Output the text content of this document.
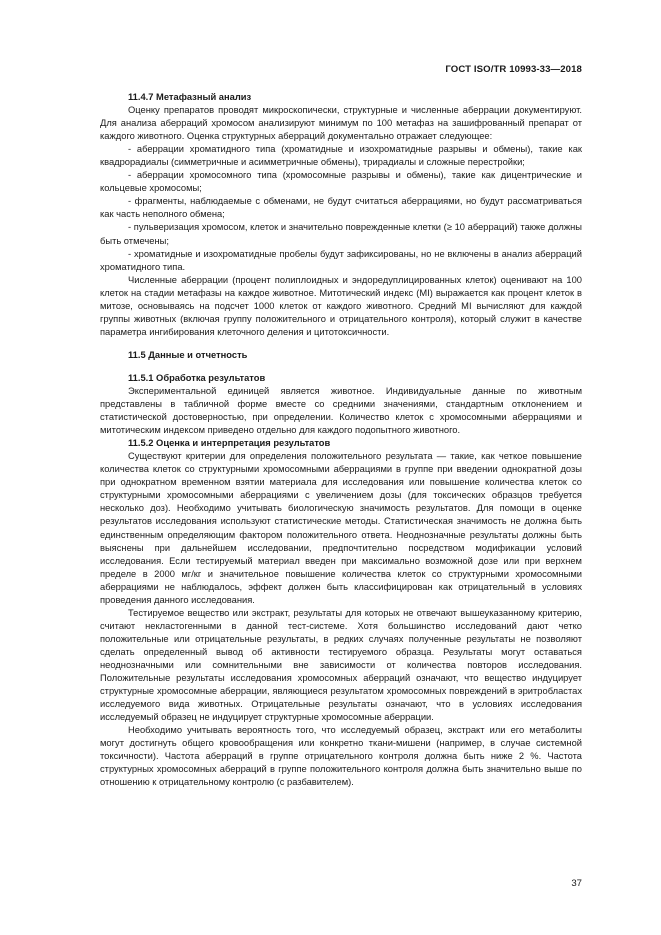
ГОСТ ISO/TR 10993-33—2018

11.4.7 Метафазный анализ

Оценку препаратов проводят микроскопически, структурные и численные аберрации документируют. Для анализа аберраций хромосом анализируют минимум по 100 метафаз на зашифрованный препарат от каждого животного. Оценка структурных аберраций документально отражает следующее:

- аберрации хроматидного типа (хроматидные и изохроматидные разрывы и обмены), такие как квадрорадиалы (симметричные и асимметричные обмены), трирадиалы и сложные перестройки;

- аберрации хромосомного типа (хромосомные разрывы и обмены), такие как дицентрические и кольцевые хромосомы;

- фрагменты, наблюдаемые с обменами, не будут считаться аберрациями, но будут рассматриваться как часть неполного обмена;

- пульверизация хромосом, клеток и значительно поврежденные клетки (≥ 10 аберраций) также должны быть отмечены;

- хроматидные и изохроматидные пробелы будут зафиксированы, но не включены в анализ аберраций хроматидного типа.

Численные аберрации (процент полиплоидных и эндоредуплицированных клеток) оценивают на 100 клеток на стадии метафазы на каждое животное. Митотический индекс (MI) выражается как процент клеток в митозе, основываясь на подсчет 1000 клеток от каждого животного. Средний MI вычисляют для каждой группы животных (включая группу положительного и отрицательного контроля), который служит в качестве параметра ингибирования клеточного деления и цитотоксичности.

11.5 Данные и отчетность

11.5.1 Обработка результатов

Экспериментальной единицей является животное. Индивидуальные данные по животным представлены в табличной форме вместе со средними значениями, стандартным отклонением и статистической достоверностью, при определении. Количество клеток с хромосомными аберрациями и митотическим индексом приведено отдельно для каждого подопытного животного.

11.5.2 Оценка и интерпретация результатов

Существуют критерии для определения положительного результата — такие, как четкое повышение количества клеток со структурными хромосомными аберрациями в группе при введении однократной дозы при однократном временном взятии материала для исследования или повышение количества клеток со структурными хромосомными аберрациями с увеличением дозы (для токсических образцов требуется несколько доз). Необходимо учитывать биологическую значимость результатов. Для помощи в оценке результатов исследования используют статистические методы. Статистическая значимость не должна быть единственным определяющим фактором положительного ответа. Неоднозначные результаты должны быть выяснены при дальнейшем исследовании, предпочтительно посредством модификации условий исследования. Если тестируемый материал введен при максимально возможной дозе или при верхнем пределе в 2000 мг/кг и значительное повышение количества клеток со структурными хромосомными аберрациями не наблюдалось, эффект должен быть классифицирован как отрицательный в условиях проведения данного исследования.

Тестируемое вещество или экстракт, результаты для которых не отвечают вышеуказанному критерию, считают некластогенными в данной тест-системе. Хотя большинство исследований дают четко положительные или отрицательные результаты, в редких случаях полученные результаты не позволяют сделать определенный вывод об активности тестируемого образца. Результаты могут оставаться неоднозначными или сомнительными вне зависимости от количества повторов исследования. Положительные результаты исследования хромосомных аберраций означают, что вещество индуцирует структурные хромосомные аберрации, являющиеся результатом хромосомных повреждений в эритробластах исследуемого вида животных. Отрицательные результаты означают, что в условиях исследования исследуемый образец не индуцирует структурные хромосомные аберрации.

Необходимо учитывать вероятность того, что исследуемый образец, экстракт или его метаболиты могут достигнуть общего кровообращения или конкретно ткани-мишени (например, в случае системной токсичности). Частота аберраций в группе отрицательного контроля должна быть ниже 2 %. Частота структурных хромосомных аберраций в группе положительного контроля должна быть значительно выше по отношению к отрицательному контролю (с разбавителем).

37
